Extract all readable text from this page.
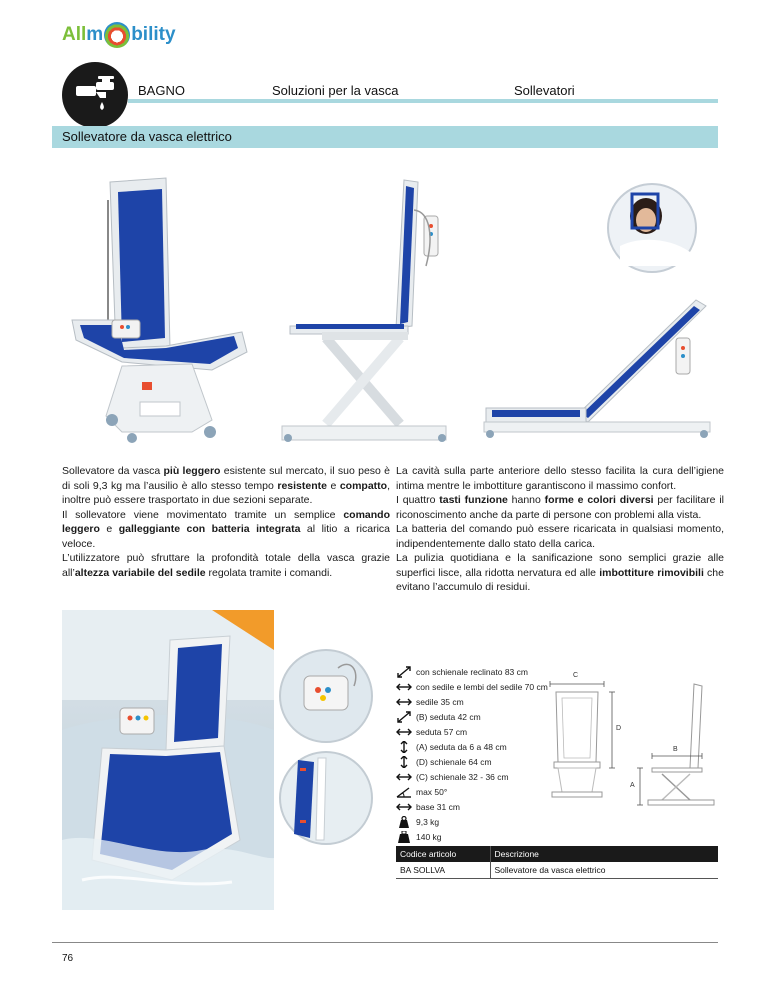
All m bility
BAGNO	Soluzioni per la vasca	Sollevatori
Sollevatore da vasca elettrico

Sollevatore da vasca più leggero esistente sul mercato, il suo peso è di soli 9,3 kg ma l’ausilio è allo stesso tempo resistente e compatto, inoltre può essere trasportato in due sezioni separate.

Il sollevatore viene movimentato tramite un semplice comando leggero e galleggiante con batteria integrata al litio a ricarica veloce.

L’utilizzatore può sfruttare la profondità totale della vasca grazie all’altezza variabile del sedile regolata tramite i comandi.

La cavità sulla parte anteriore dello stesso facilita la cura dell’igiene intima mentre le imbottiture garantiscono il massimo confort.

I quattro tasti funzione hanno forme e colori diversi per facilitare il riconoscimento anche da parte di persone con problemi alla vista.

La batteria del comando può essere ricaricata in qualsiasi momento, indipendentemente dallo stato della carica.

La pulizia quotidiana e la sanificazione sono semplici grazie alle superfici lisce, alla ridotta nervatura ed alle imbottiture rimovibili che evitano l’accumulo di residui.

con schienale reclinato 83 cm
con sedile e lembi del sedile 70 cm
sedile 35 cm
(B) seduta 42 cm
seduta 57 cm
(A) seduta da 6 a 48 cm
(D) schienale 64 cm
(C) schienale 32 - 36 cm
max 50°
base 31 cm
9,3 kg
140 kg
C
D
B
A
Codice articolo	Descrizione
BA SOLLVA	Sollevatore da vasca elettrico
76
